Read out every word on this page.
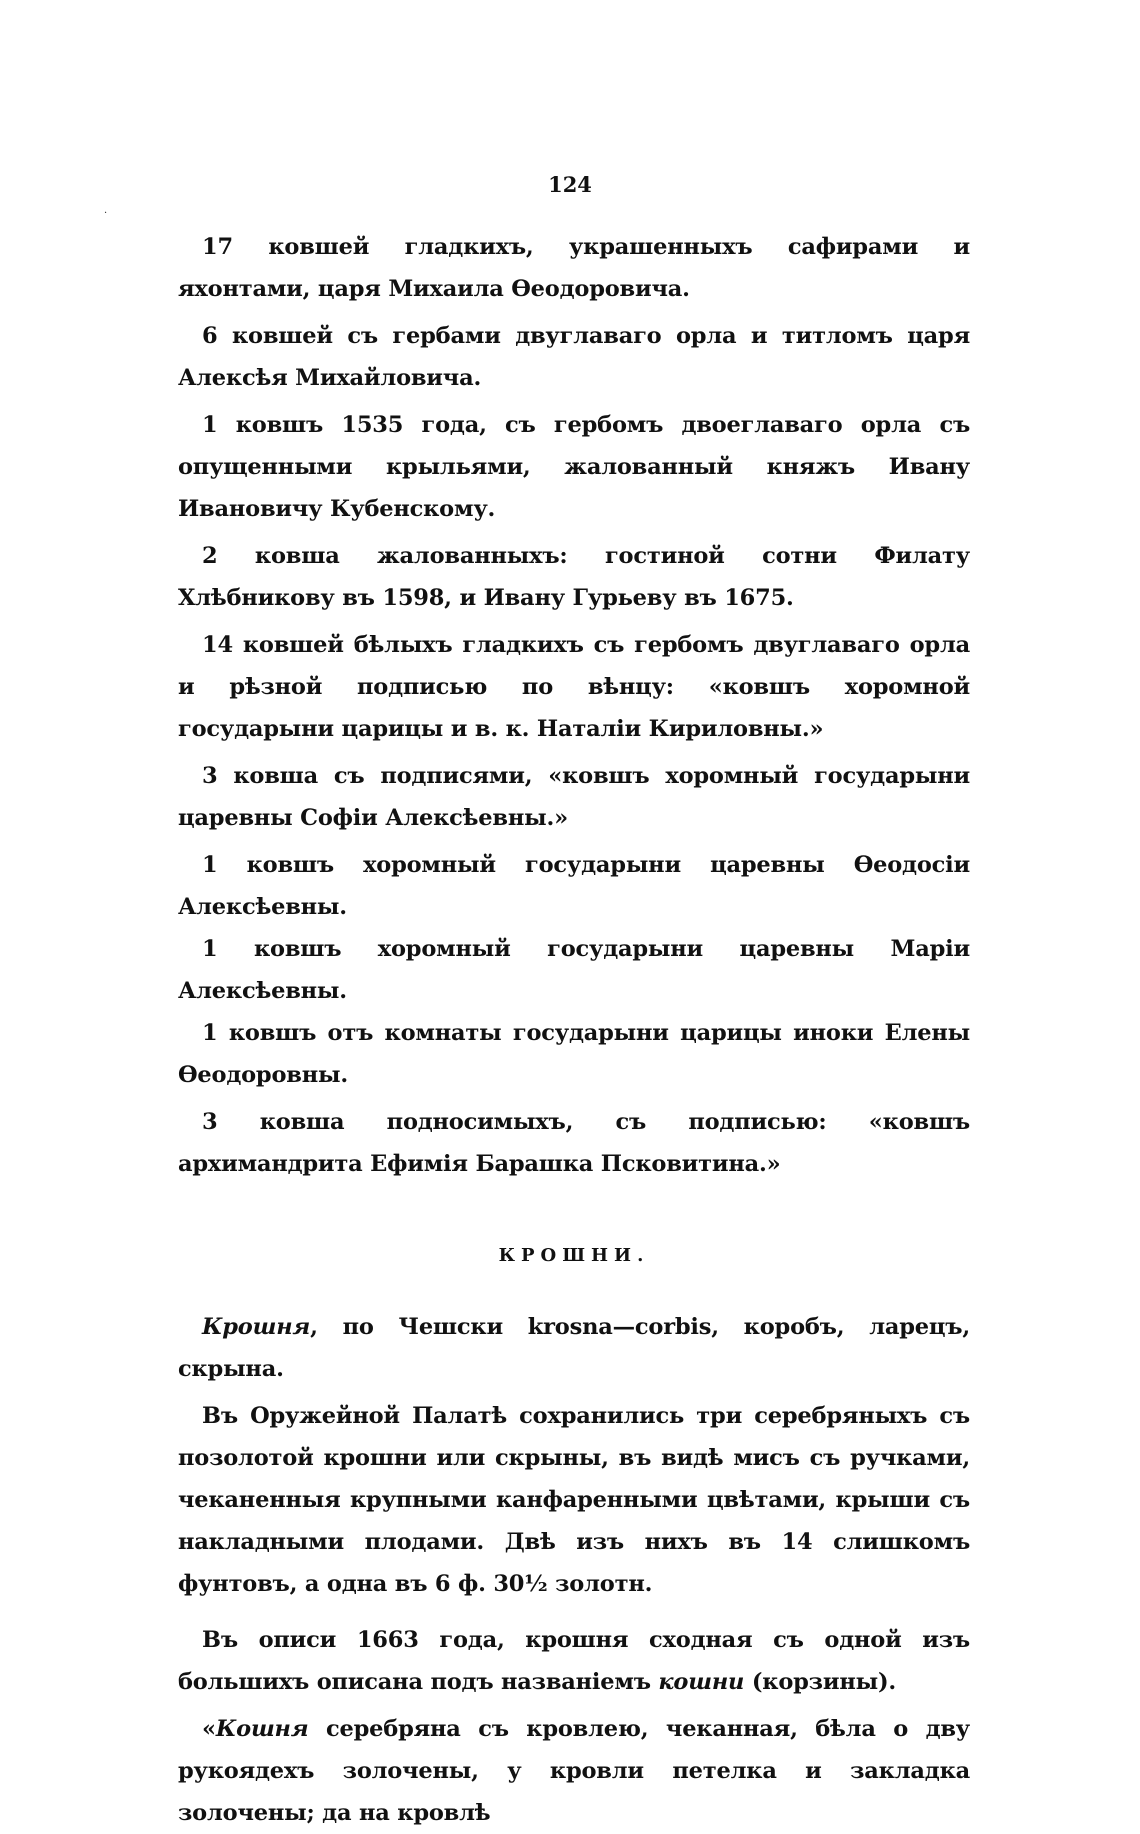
124
·

17 ковшей гладкихъ, украшенныхъ сафирами и яхонтами, царя Михаила Ѳеодоровича.

6 ковшей съ гербами двуглаваго орла и титломъ царя Алексѣя Михайловича.

1 ковшъ 1535 года, съ гербомъ двоеглаваго орла съ опущенными крыльями, жалованный княжъ Ивану Ивановичу Кубенскому.

2 ковша жалованныхъ: гостиной сотни Филату Хлѣбникову въ 1598, и Ивану Гурьеву въ 1675.

14 ковшей бѣлыхъ гладкихъ съ гербомъ двуглаваго орла и рѣзной подписью по вѣнцу: «ковшъ хоромной государыни царицы и в. к. Наталіи Кириловны.»

3 ковша съ подписями, «ковшъ хоромный государыни царевны Софіи Алексѣевны.»

1 ковшъ хоромный государыни царевны Ѳеодосіи Алексѣевны.

1 ковшъ хоромный государыни царевны Маріи Алексѣевны.

1 ковшъ отъ комнаты государыни царицы иноки Елены Ѳеодоровны.

3 ковша подносимыхъ, съ подписью: «ковшъ архимандрита Ефимія Барашка Псковитина.»

КРОШНИ.

Крошня, по Чешски krosna—corbis, коробъ, ларецъ, скрына.

Въ Оружейной Палатѣ сохранились три серебряныхъ съ позолотой крошни или скрыны, въ видѣ мисъ съ ручками, чеканенныя крупными канфаренными цвѣтами, крыши съ накладными плодами. Двѣ изъ нихъ въ 14 слишкомъ фунтовъ, а одна въ 6 ф. 30½ золотн.

Въ описи 1663 года, крошня сходная съ одной изъ большихъ описана подъ названіемъ кошни (корзины).

«Кошня серебряна съ кровлею, чеканная, бѣла о дву рукоядехъ золочены, у кровли петелка и закладка золочены; да на кровлѣ
